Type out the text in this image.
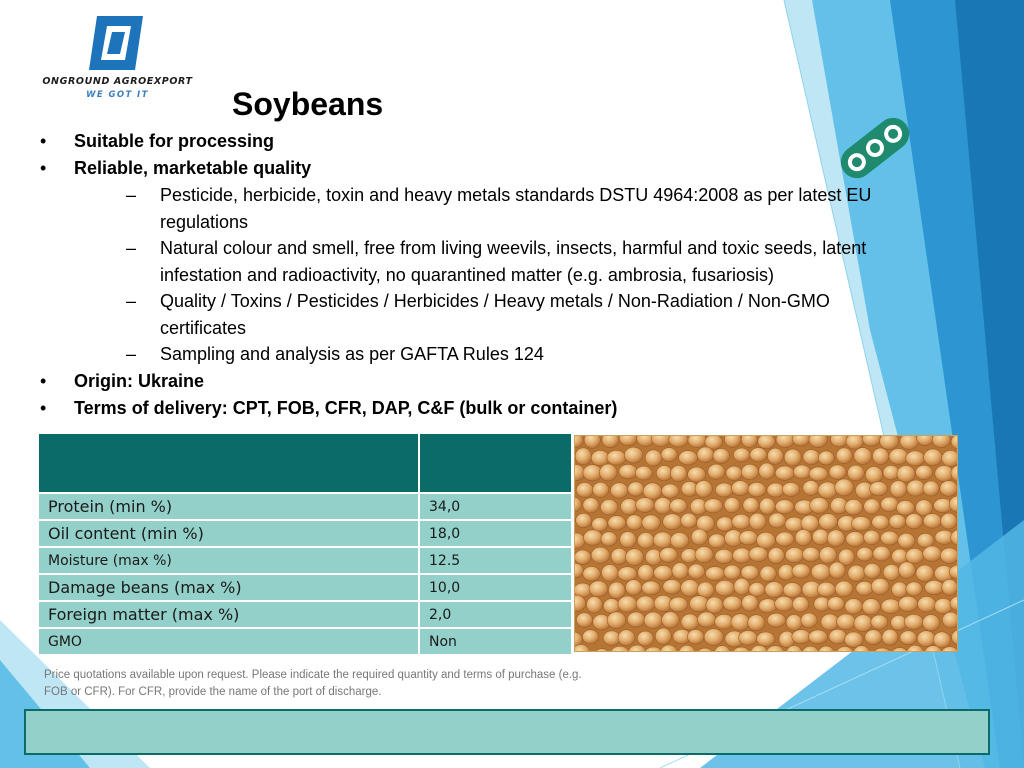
ONGROUND AGROEXPORT
WE GOT IT	Soybeans
• Suitable for processing
• Reliable, marketable quality
– Pesticide, herbicide, toxin and heavy metals standards DSTU 4964:2008 as per latest EU regulations
– Natural colour and smell, free from living weevils, insects, harmful and toxic seeds, latent infestation and radioactivity, no quarantined matter (e.g. ambrosia, fusariosis)
– Quality / Toxins / Pesticides / Herbicides / Heavy metals / Non-Radiation / Non-GMO certificates
– Sampling and analysis as per GAFTA Rules 124
• Origin: Ukraine
• Terms of delivery: CPT, FOB, CFR, DAP, C&F (bulk or container)

Protein (min %)	34,0
Oil content (min %)	18,0
Moisture (max %)	12.5
Damage beans (max %)	10,0
Foreign matter (max %)	2,0
GMO	Non

Price quotations available upon request. Please indicate the required quantity and terms of purchase (e.g. FOB or CFR). For CFR, provide the name of the port of discharge.
